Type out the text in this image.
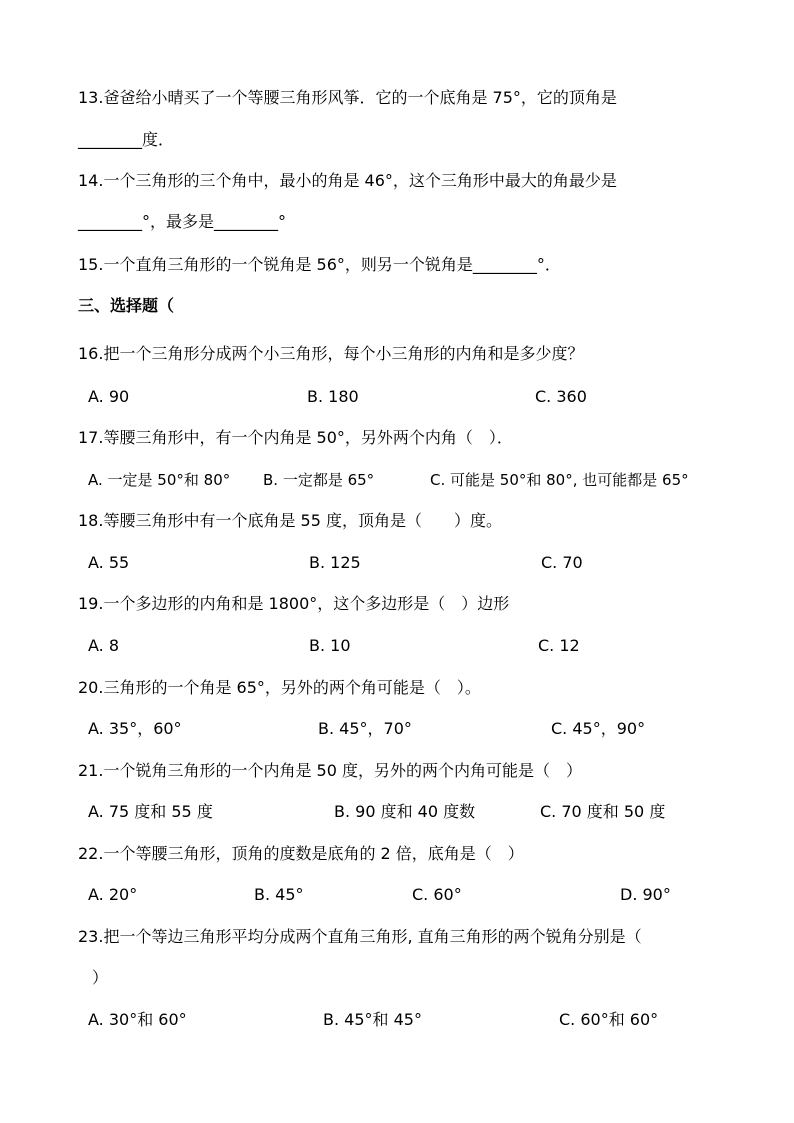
13.爸爸给小晴买了一个等腰三角形风筝．它的一个底角是 75°，它的顶角是
________度．
14.一个三角形的三个角中，最小的角是 46°，这个三角形中最大的角最少是
________°，最多是________°
15.一个直角三角形的一个锐角是 56°，则另一个锐角是________°．
三、选择题（
16.把一个三角形分成两个小三角形，每个小三角形的内角和是多少度？
A. 90	B. 180	C. 360
17.等腰三角形中，有一个内角是 50°，另外两个内角（　）．
A. 一定是 50°和 80° B. 一定都是 65°	C. 可能是 50°和 80°, 也可能都是 65°
18.等腰三角形中有一个底角是 55 度，顶角是（　　）度。
A. 55	B. 125	C. 70
19.一个多边形的内角和是 1800°，这个多边形是（　）边形
A. 8	B. 10	C. 12
20.三角形的一个角是 65°，另外的两个角可能是（　）。
A. 35°，60°	B. 45°，70°	C. 45°，90°
21.一个锐角三角形的一个内角是 50 度，另外的两个内角可能是（　）
A. 75 度和 55 度	B. 90 度和 40 度数	C. 70 度和 50 度
22.一个等腰三角形，顶角的度数是底角的 2 倍，底角是（　）
A. 20°	B. 45°	C. 60°	D. 90°
23.把一个等边三角形平均分成两个直角三角形, 直角三角形的两个锐角分别是（
）
A. 30°和 60°	B. 45°和 45°	C. 60°和 60°
